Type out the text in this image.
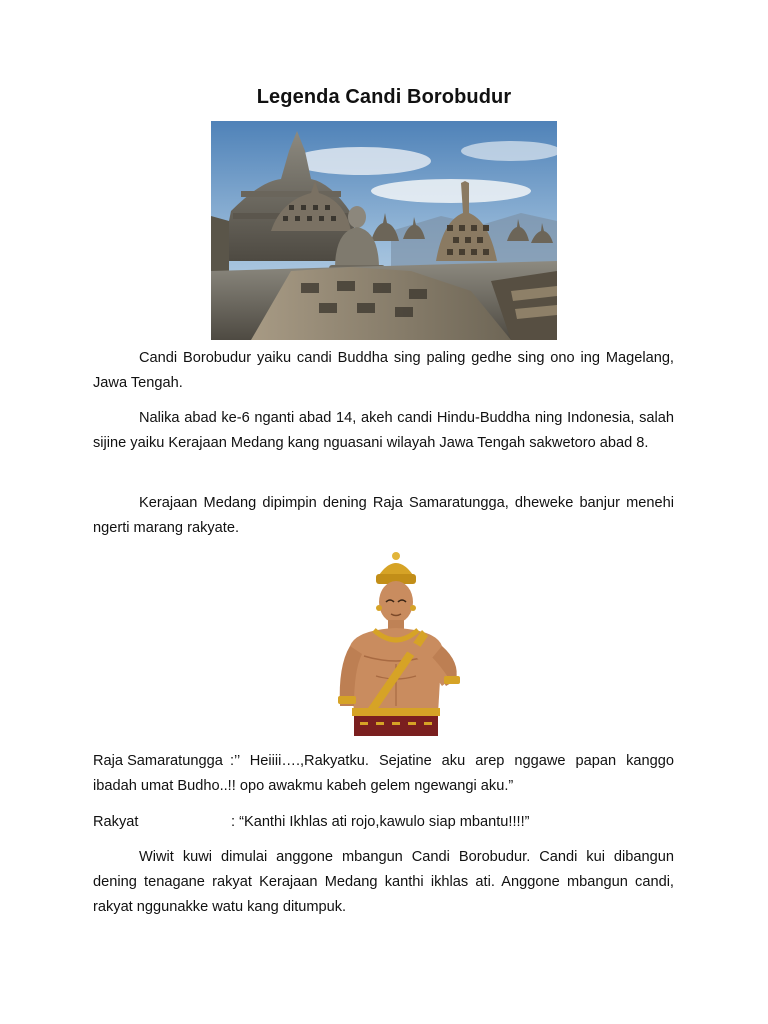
Legenda Candi Borobudur

Candi Borobudur yaiku candi Buddha sing paling gedhe sing ono ing Magelang, Jawa Tengah.

Nalika abad ke-6 nganti abad 14, akeh candi Hindu-Buddha ning Indonesia, salah sijine yaiku Kerajaan Medang kang nguasani wilayah Jawa Tengah sakwetoro abad 8.

Kerajaan Medang dipimpin dening Raja Samaratungga, dheweke banjur menehi ngerti marang rakyate.

Raja Samaratungga :’’ Heiiii….,Rakyatku. Sejatine aku arep nggawe papan kanggo ibadah umat Budho..!! opo awakmu kabeh gelem ngewangi aku.”
Rakyat	: “Kanthi Ikhlas ati rojo,kawulo siap mbantu!!!!”

Wiwit kuwi dimulai anggone mbangun Candi Borobudur. Candi kui dibangun dening tenagane rakyat Kerajaan Medang kanthi ikhlas ati. Anggone mbangun candi, rakyat nggunakke watu kang ditumpuk.
